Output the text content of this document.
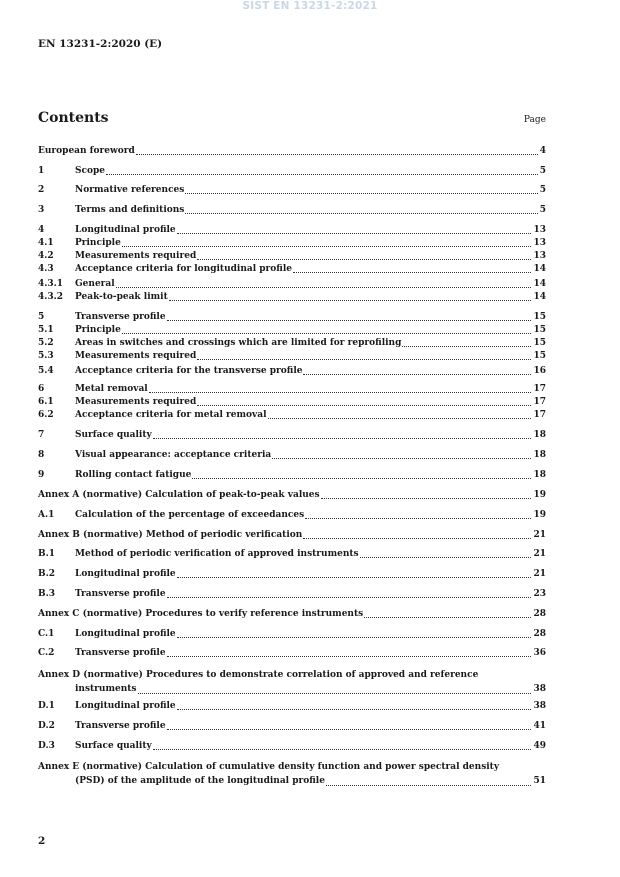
SIST EN 13231-2:2021
EN 13231-2:2020 (E)
Contents	Page
European foreword	4
1	Scope	5
2	Normative references	5
3	Terms and definitions	5
4	Longitudinal profile	13
4.1	Principle	13
4.2	Measurements required	13
4.3	Acceptance criteria for longitudinal profile	14
4.3.1	General	14
4.3.2	Peak-to-peak limit	14
5	Transverse profile	15
5.1	Principle	15
5.2	Areas in switches and crossings which are limited for reprofiling	15
5.3	Measurements required	15
5.4	Acceptance criteria for the transverse profile	16
6	Metal removal	17
6.1	Measurements required	17
6.2	Acceptance criteria for metal removal	17
7	Surface quality	18
8	Visual appearance: acceptance criteria	18
9	Rolling contact fatigue	18
Annex A (normative) Calculation of peak-to-peak values	19
A.1	Calculation of the percentage of exceedances	19
Annex B (normative) Method of periodic verification	21
B.1	Method of periodic verification of approved instruments	21
B.2	Longitudinal profile	21
B.3	Transverse profile	23
Annex C (normative) Procedures to verify reference instruments	28
C.1	Longitudinal profile	28
C.2	Transverse profile	36
Annex D (normative) Procedures to demonstrate correlation of approved and reference
instruments	38
D.1	Longitudinal profile	38
D.2	Transverse profile	41
D.3	Surface quality	49
Annex E (normative) Calculation of cumulative density function and power spectral density
(PSD) of the amplitude of the longitudinal profile	51
2
